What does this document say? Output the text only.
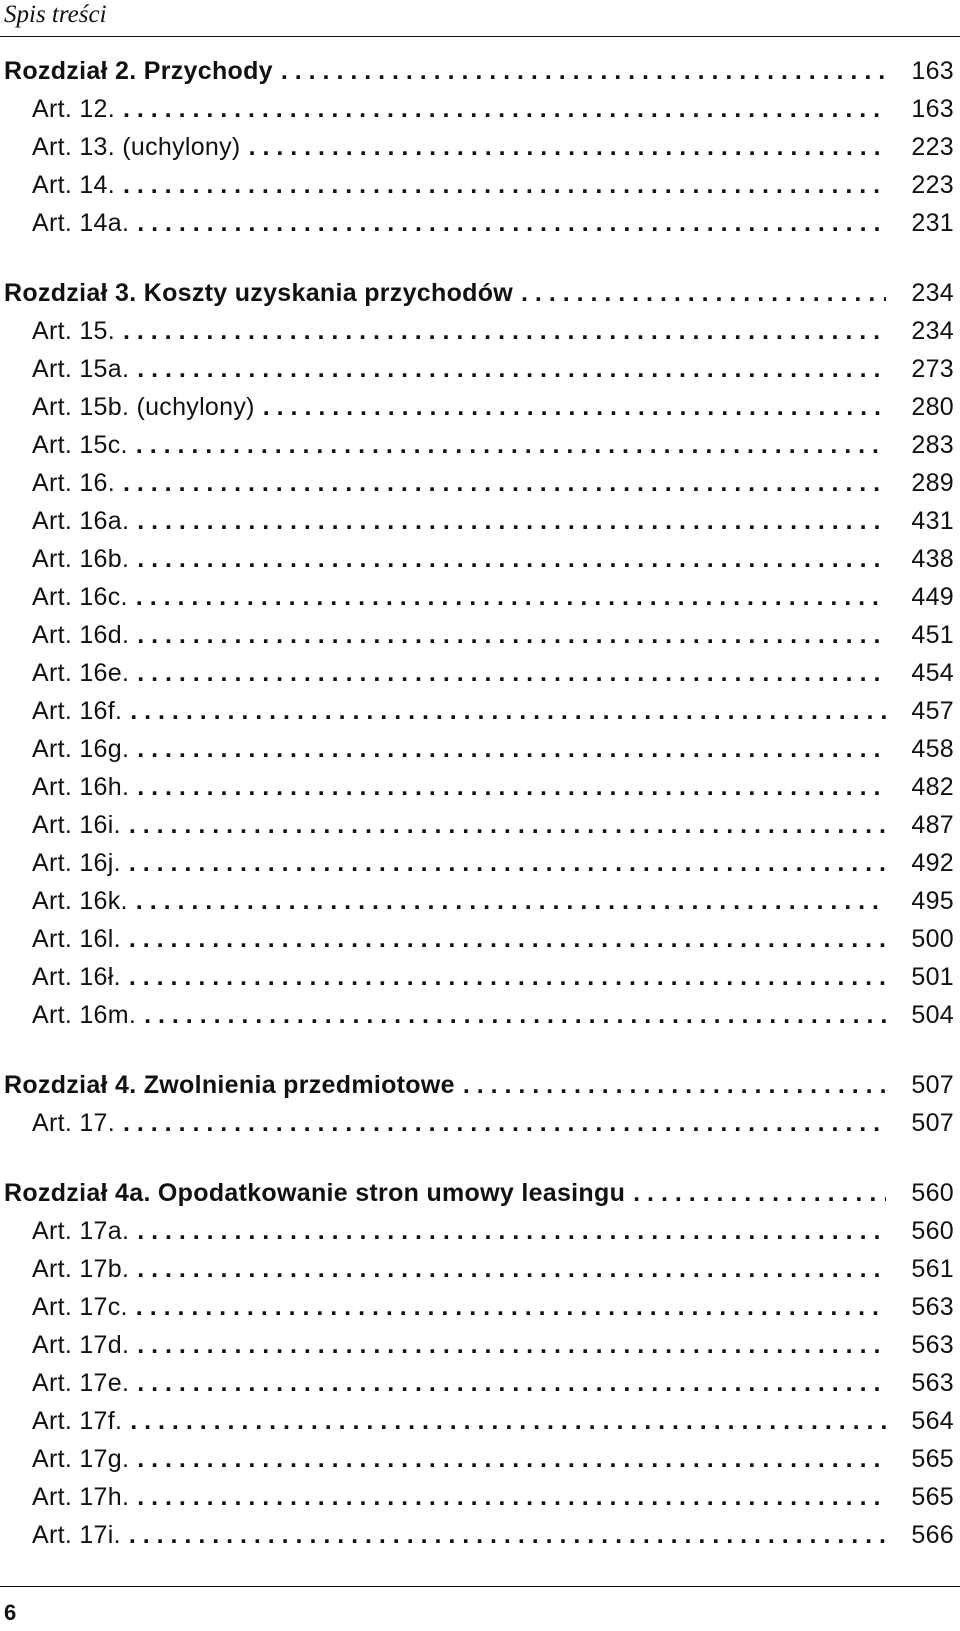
Spis treści
Rozdział 2. Przychody . . .	163
Art. 12. . . .	163
Art. 13. (uchylony) . . .	223
Art. 14. . . .	223
Art. 14a. . . .	231
Rozdział 3. Koszty uzyskania przychodów . . .	234
Art. 15. . . .	234
Art. 15a. . . .	273
Art. 15b. (uchylony) . . .	280
Art. 15c. . . .	283
Art. 16. . . .	289
Art. 16a. . . .	431
Art. 16b. . . .	438
Art. 16c. . . .	449
Art. 16d. . . .	451
Art. 16e. . . .	454
Art. 16f. . . .	457
Art. 16g. . . .	458
Art. 16h. . . .	482
Art. 16i. . . .	487
Art. 16j. . . .	492
Art. 16k. . . .	495
Art. 16l. . . .	500
Art. 16ł. . . .	501
Art. 16m. . . .	504
Rozdział 4. Zwolnienia przedmiotowe . . .	507
Art. 17. . . .	507
Rozdział 4a. Opodatkowanie stron umowy leasingu . . .	560
Art. 17a. . . .	560
Art. 17b. . . .	561
Art. 17c. . . .	563
Art. 17d. . . .	563
Art. 17e. . . .	563
Art. 17f. . . .	564
Art. 17g. . . .	565
Art. 17h. . . .	565
Art. 17i. . . .	566
6
